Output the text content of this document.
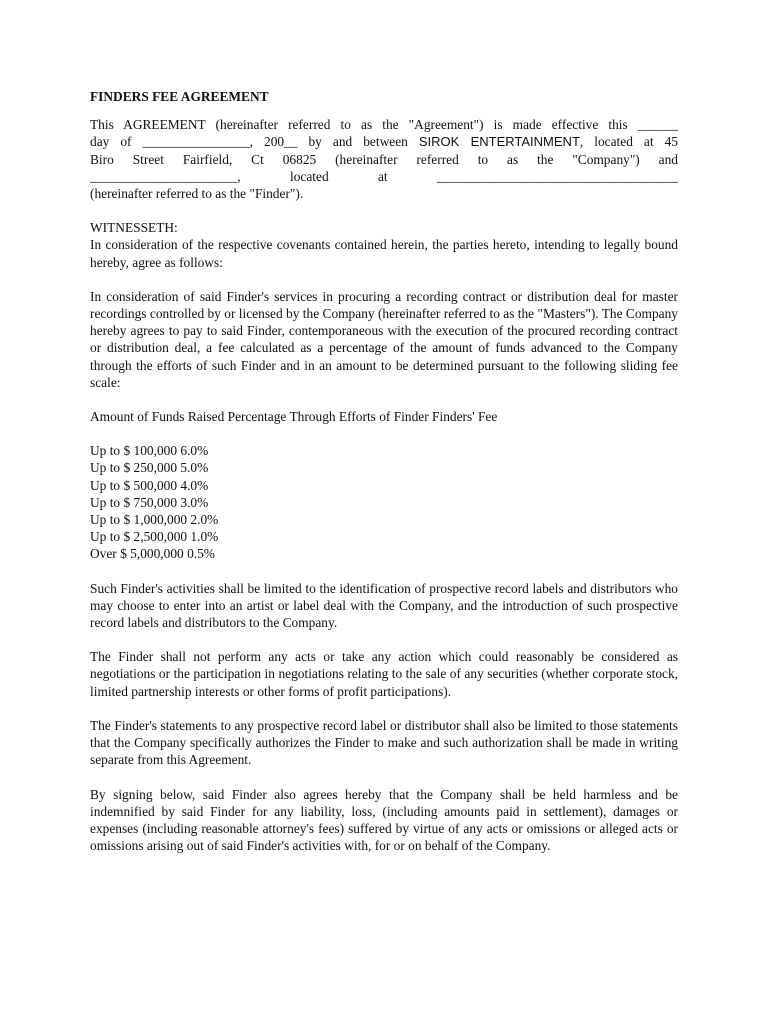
FINDERS FEE AGREEMENT

This AGREEMENT (hereinafter referred to as the "Agreement") is made effective this ______
day of ________________, 200__ by and between SIROK ENTERTAINMENT, located at 45
Biro Street Fairfield, Ct 06825 (hereinafter referred to as the "Company") and
______________________, located at ____________________________________
(hereinafter referred to as the "Finder").

WITNESSETH:
In consideration of the respective covenants contained herein, the parties hereto, intending to legally bound hereby, agree as follows:

In consideration of said Finder's services in procuring a recording contract or distribution deal for master recordings controlled by or licensed by the Company (hereinafter referred to as the "Masters"). The Company hereby agrees to pay to said Finder, contemporaneous with the execution of the procured recording contract or distribution deal, a fee calculated as a percentage of the amount of funds advanced to the Company through the efforts of such Finder and in an amount to be determined pursuant to the following sliding fee scale:

Amount of Funds Raised Percentage Through Efforts of Finder Finders' Fee
Up to $ 100,000 6.0%
Up to $ 250,000 5.0%
Up to $ 500,000 4.0%
Up to $ 750,000 3.0%
Up to $ 1,000,000 2.0%
Up to $ 2,500,000 1.0%
Over $ 5,000,000 0.5%

Such Finder's activities shall be limited to the identification of prospective record labels and distributors who may choose to enter into an artist or label deal with the Company, and the introduction of such prospective record labels and distributors to the Company.

The Finder shall not perform any acts or take any action which could reasonably be considered as negotiations or the participation in negotiations relating to the sale of any securities (whether corporate stock, limited partnership interests or other forms of profit participations).

The Finder's statements to any prospective record label or distributor shall also be limited to those statements that the Company specifically authorizes the Finder to make and such authorization shall be made in writing separate from this Agreement.

By signing below, said Finder also agrees hereby that the Company shall be held harmless and be indemnified by said Finder for any liability, loss, (including amounts paid in settlement), damages or expenses (including reasonable attorney's fees) suffered by virtue of any acts or omissions or alleged acts or omissions arising out of said Finder's activities with, for or on behalf of the Company.
